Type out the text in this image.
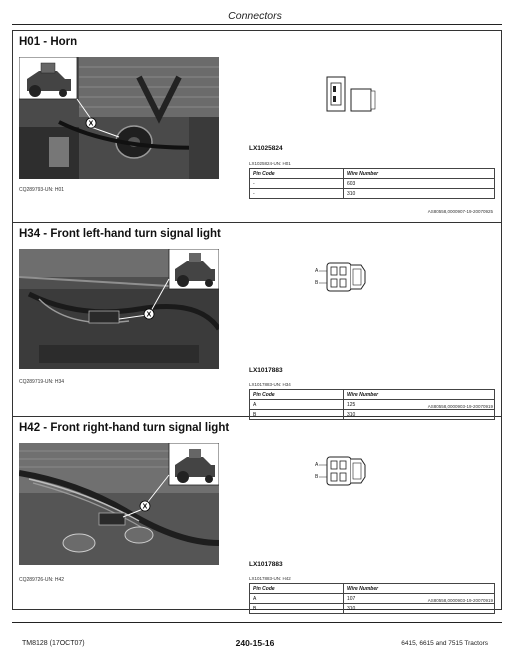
Connectors
H01 - Horn
X
CQ289793-UN: H01
LX1025824
LX1025824-UN: H01
Pin Code	Wire Number
-	603
-	310
AS80558,0000907-19-20070925
H34 - Front left-hand turn signal light
X
CQ289719-UN: H34
A
B
LX1017883
LX1017883-UN: H34
Pin Code	Wire Number
A	125
B	310
AS80558,0000903-19-20070919
H42 - Front right-hand turn signal light
X
CQ289726-UN: H42
A
B
LX1017883
LX1017883-UN: H42
Pin Code	Wire Number
A	107
B	310
AS80558,0000903-19-20070919
TM8128 (17OCT07)	240-15-16	6415, 6615 and 7515 Tractors
